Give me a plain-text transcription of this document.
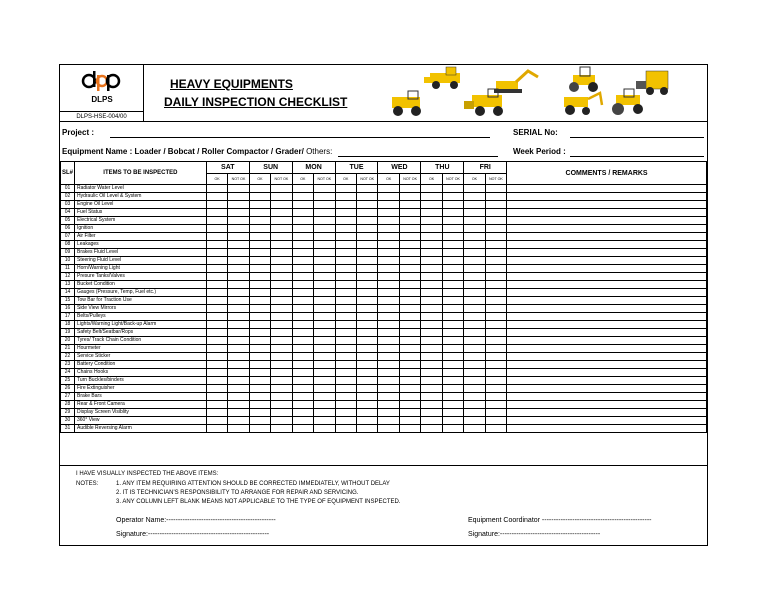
DLPS
DLPS-HSE-004/00
HEAVY EQUIPMENTS
DAILY INSPECTION CHECKLIST
Project :	SERIAL No:
Equipment Name : Loader / Bobcat / Roller Compactor / Grader/ Others:	Week Period :
SL#	ITEMS TO BE INSPECTED	SAT		SUN		MON		TUE		WED		THU		FRI		COMMENTS / REMARKS
		OK	NOT OK	OK	NOT OK	OK	NOT OK	OK	NOT OK	OK	NOT OK	OK	NOT OK	OK	NOT OK	
01	Radiator Water Level															
02	Hydraulic Oil Level & System															
03	Engine Oil Level															
04	Fuel Status															
05	Electrical System															
06	Ignition															
07	Air Filter															
08	Leakages															
09	Brakes Fluid Level															
10	Steering Fluid Level															
11	Horn/Warning Light															
12	Presure Tanks/Valves															
13	Bucket Condition															
14	Gauges (Pressure, Temp, Fuel etc.)															
15	Tow Bar for Traction Use															
16	Side View Mirrors															
17	Belts/Pulleys															
18	Lights/Warning Light/Back-up Alarm															
19	Safety Belt/Seatbar/Rops															
20	Tyres/ Track Chain Condition															
21	Hourmeter															
22	Service Sticker															
23	Battery Condition															
24	Chains Hooks															
25	Turn Buckles/binders															
26	Fire Extinguisher															
27	Brake Bars															
28	Rear & Front Camera															
29	Display Screen Visiblity															
30	360° View															
31	Audible Reversing Alarm															
I HAVE VISUALLY INSPECTED THE ABOVE ITEMS:
NOTES:	1. ANY ITEM REQUIRING ATTENTION SHOULD BE CORRECTED IMMEDIATELY, WITHOUT DELAY
2. IT IS TECHNICIAN'S RESPONSIBILITY TO ARRANGE FOR REPAIR AND SERVICING.
3. ANY COLUMN LEFT BLANK MEANS NOT APPLICABLE TO THE TYPE OF EQUIPMENT INSPECTED.
Operator Name:-----------------------------------------------
Signature:----------------------------------------------------
Equipment Coordinator -----------------------------------------------
Signature:-------------------------------------------
